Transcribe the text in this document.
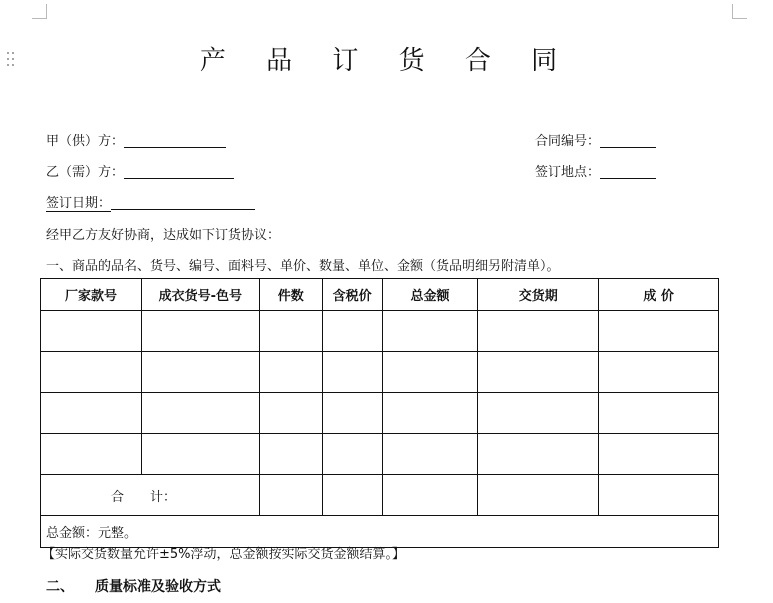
产 品 订 货 合 同
甲（供）方：	合同编号：
乙（需）方：	签订地点：
签订日期：
经甲乙方友好协商，达成如下订货协议：
一、商品的品名、货号、编号、面料号、单价、数量、单位、金额（货品明细另附清单）。
厂家款号	成衣货号-色号	件数	含税价	总金额	交货期	成 价

合　　计：						
总金额：元整。						
【实际交货数量允许±5%浮动，总金额按实际交货金额结算。】
二、　　质量标准及验收方式
